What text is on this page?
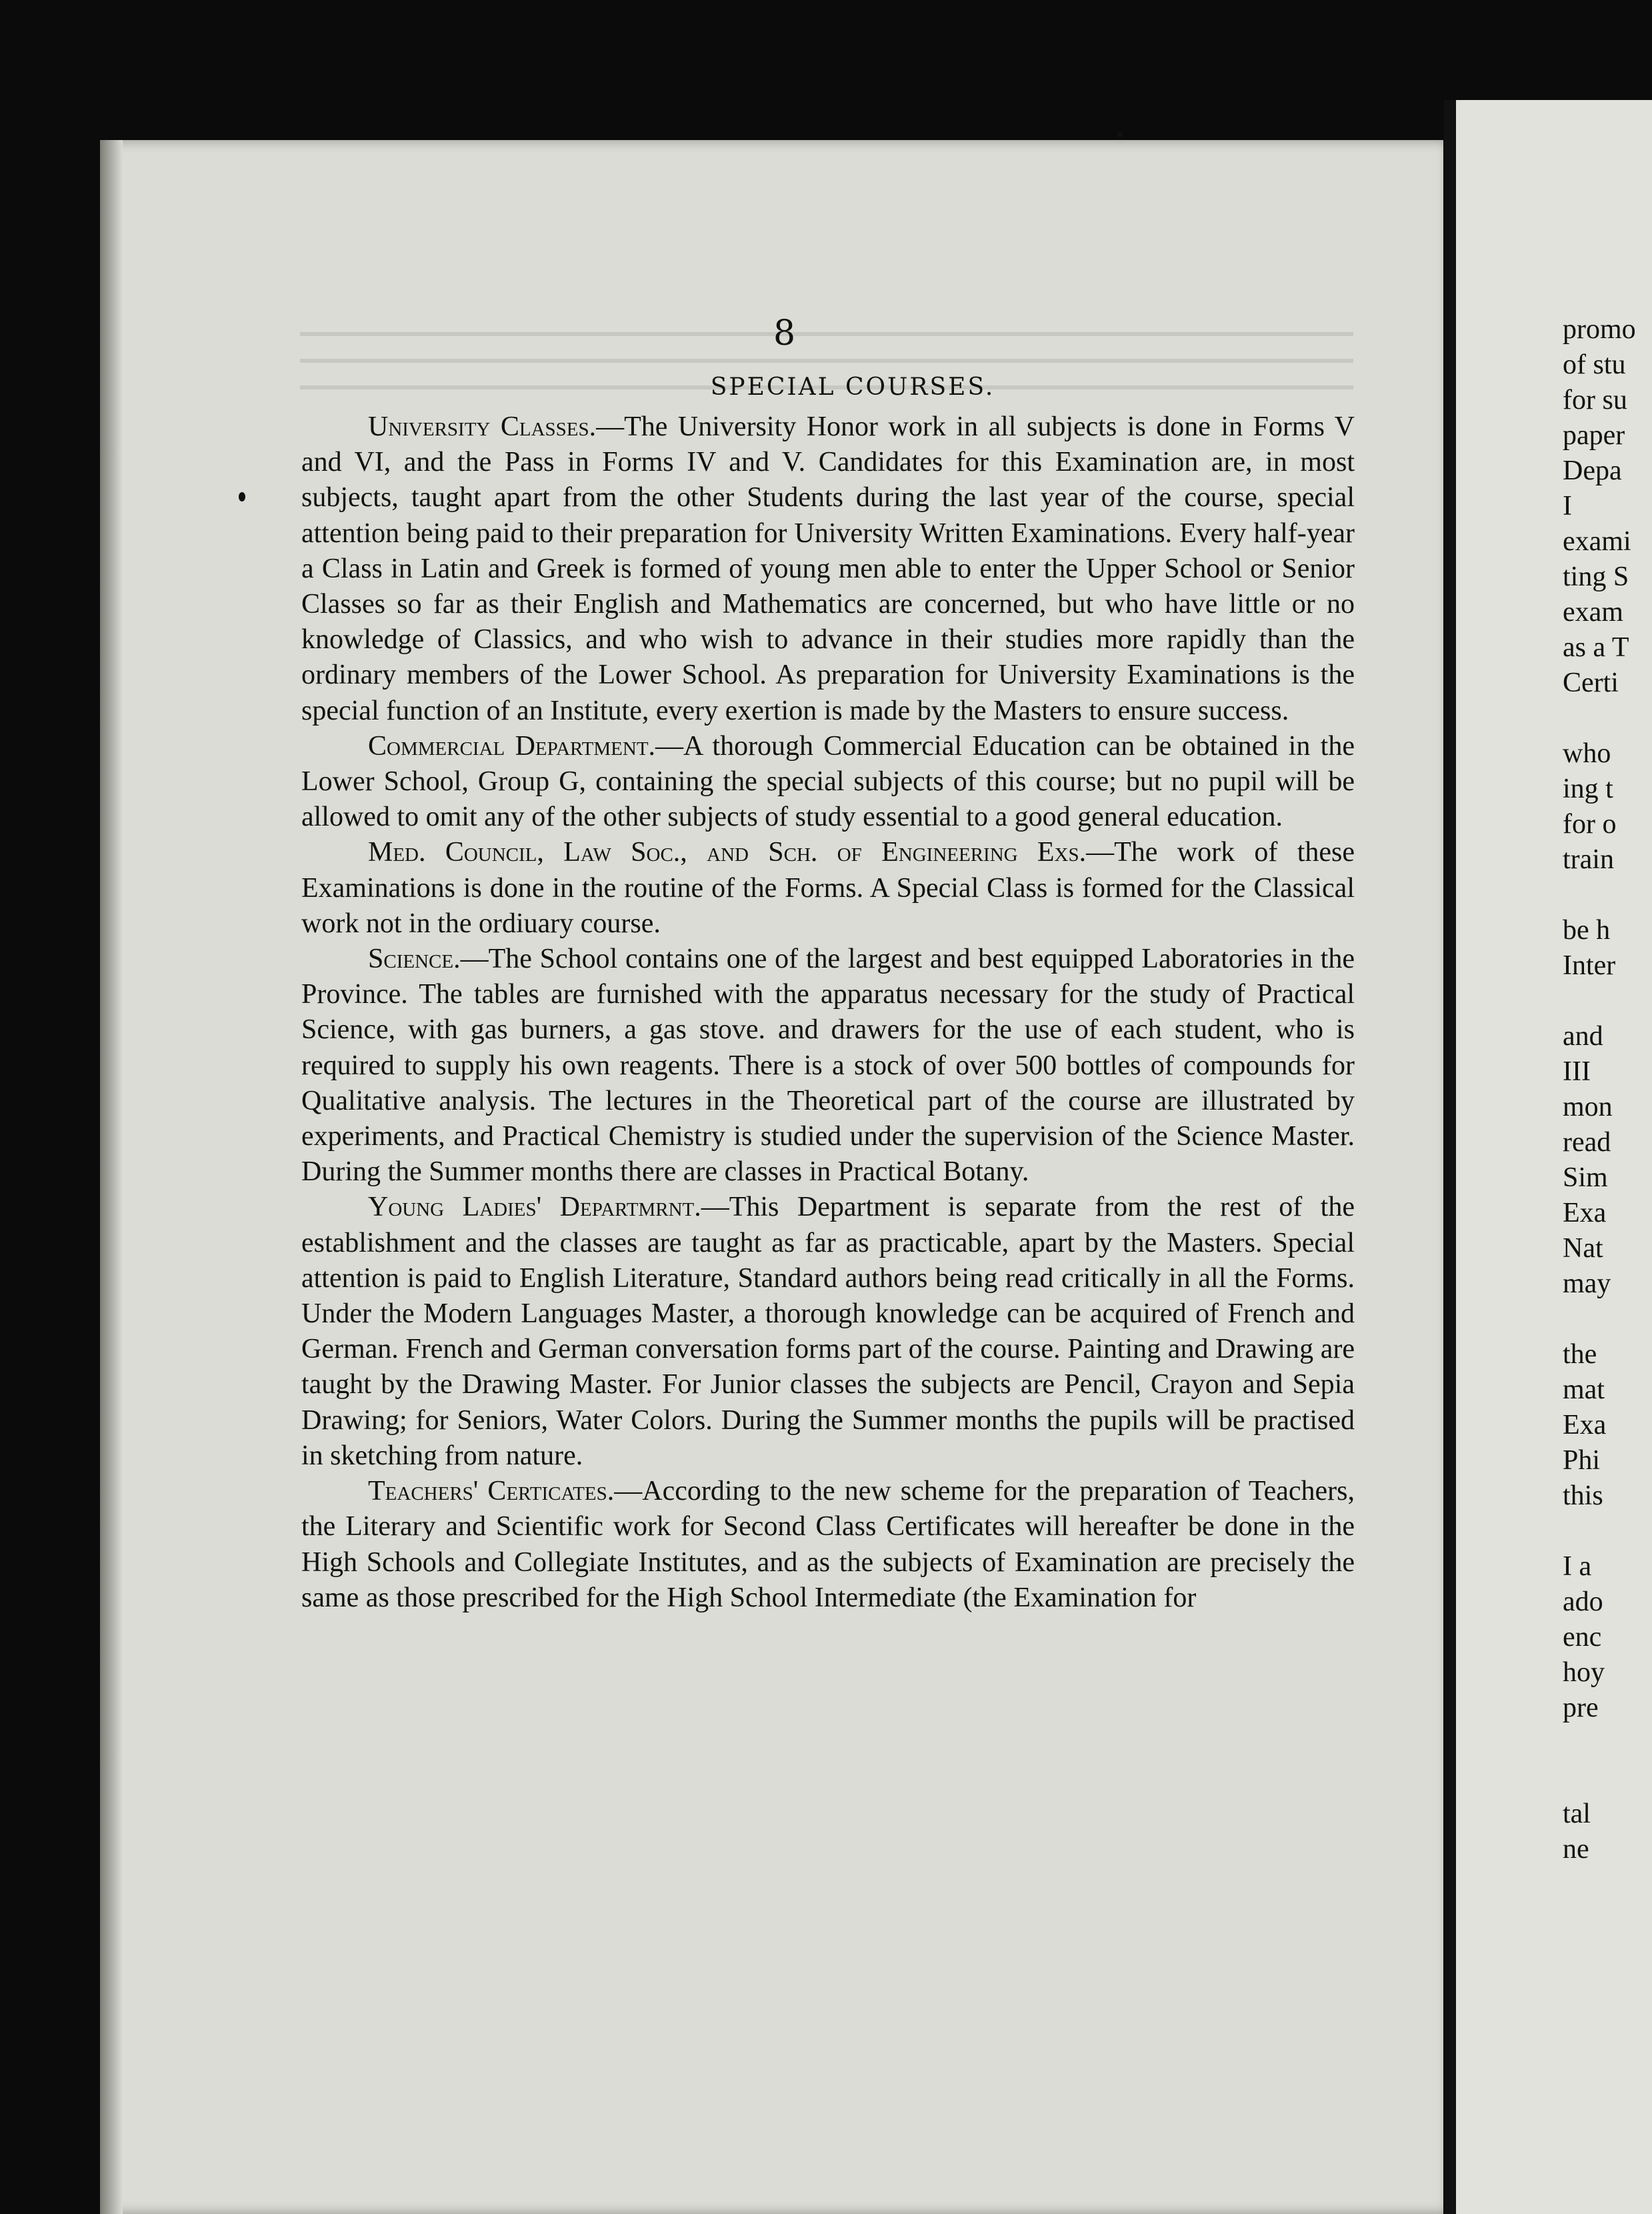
8
SPECIAL COURSES.

University Classes.—The University Honor work in all subjects is done in Forms V and VI, and the Pass in Forms IV and V. Candidates for this Examination are, in most subjects, taught apart from the other Students during the last year of the course, special attention being paid to their preparation for University Written Examinations. Every half-year a Class in Latin and Greek is formed of young men able to enter the Upper School or Senior Classes so far as their English and Mathematics are concerned, but who have little or no knowledge of Classics, and who wish to advance in their studies more rapidly than the ordinary members of the Lower School. As preparation for University Examinations is the special function of an Institute, every exertion is made by the Masters to ensure success.

Commercial Department.—A thorough Commercial Education can be obtained in the Lower School, Group G, containing the special subjects of this course; but no pupil will be allowed to omit any of the other subjects of study essential to a good general education.

Med. Council, Law Soc., and Sch. of Engineering Exs.—The work of these Examinations is done in the routine of the Forms. A Special Class is formed for the Classical work not in the ordiuary course.

Science.—The School contains one of the largest and best equipped Laboratories in the Province. The tables are furnished with the apparatus necessary for the study of Practical Science, with gas burners, a gas stove. and drawers for the use of each student, who is required to supply his own reagents. There is a stock of over 500 bottles of compounds for Qualitative analysis. The lectures in the Theoretical part of the course are illustrated by experiments, and Practical Chemistry is studied under the supervision of the Science Master. During the Summer months there are classes in Practical Botany.

Young Ladies' Departmrnt.—This Department is separate from the rest of the establishment and the classes are taught as far as practicable, apart by the Masters. Special attention is paid to English Literature, Standard authors being read critically in all the Forms. Under the Modern Languages Master, a thorough knowledge can be acquired of French and German. French and German conversation forms part of the course. Painting and Drawing are taught by the Drawing Master. For Junior classes the subjects are Pencil, Crayon and Sepia Drawing; for Seniors, Water Colors. During the Summer months the pupils will be practised in sketching from nature.

Teachers' Certicates.—According to the new scheme for the preparation of Teachers, the Literary and Scientific work for Second Class Certificates will hereafter be done in the High Schools and Collegiate Institutes, and as the subjects of Examination are precisely the same as those prescribed for the High School Intermediate (the Examination for

promo
of stu
for su
paper
Depa
I
exami
ting S
exam
as a T
Certi
who
ing t
for o
train
be h
Inter
and
III
mon
read
Sim
Exa
Nat
may
the
mat
Exa
Phi
this
I a
ado
enc
hoy
pre
tal
ne
